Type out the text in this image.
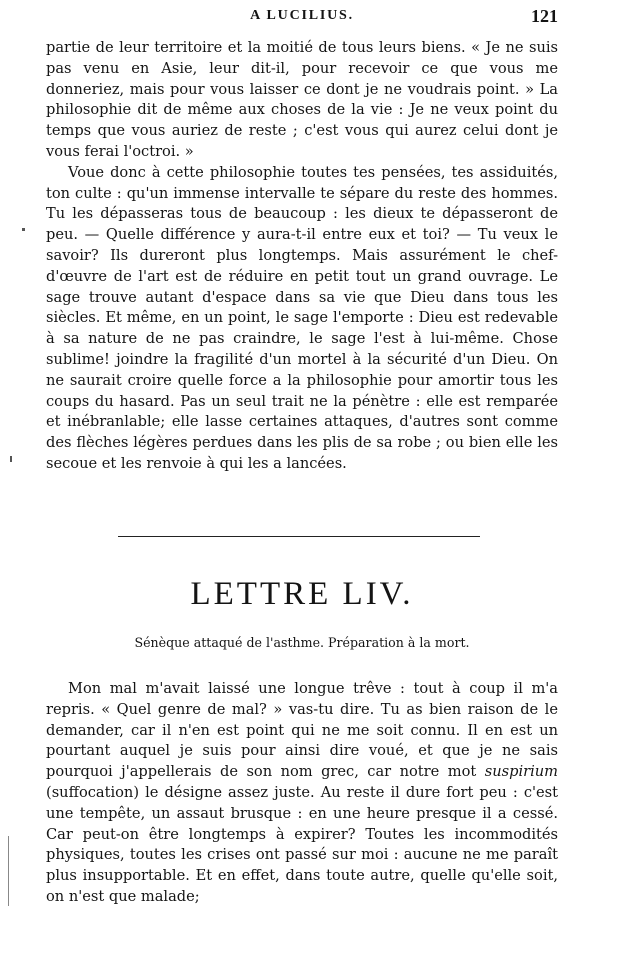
A LUCILIUS.	121

partie de leur territoire et la moitié de tous leurs biens. « Je ne suis pas venu en Asie, leur dit-il, pour recevoir ce que vous me donneriez, mais pour vous laisser ce dont je ne voudrais point. » La philosophie dit de même aux choses de la vie : Je ne veux point du temps que vous auriez de reste ; c'est vous qui aurez celui dont je vous ferai l'octroi. »

Voue donc à cette philosophie toutes tes pensées, tes assiduités, ton culte : qu'un immense intervalle te sépare du reste des hommes. Tu les dépasseras tous de beaucoup : les dieux te dépasseront de peu. — Quelle différence y aura-t-il entre eux et toi? — Tu veux le savoir? Ils dureront plus longtemps. Mais assurément le chef-d'œuvre de l'art est de réduire en petit tout un grand ouvrage. Le sage trouve autant d'espace dans sa vie que Dieu dans tous les siècles. Et même, en un point, le sage l'emporte : Dieu est redevable à sa nature de ne pas craindre, le sage l'est à lui-même. Chose sublime! joindre la fragilité d'un mortel à la sécurité d'un Dieu. On ne saurait croire quelle force a la philosophie pour amortir tous les coups du hasard. Pas un seul trait ne la pénètre : elle est remparée et inébranlable; elle lasse certaines attaques, d'autres sont comme des flèches légères perdues dans les plis de sa robe ; ou bien elle les secoue et les renvoie à qui les a lancées.

LETTRE LIV.
Sénèque attaqué de l'asthme. Préparation à la mort.

Mon mal m'avait laissé une longue trêve : tout à coup il m'a repris. « Quel genre de mal? » vas-tu dire. Tu as bien raison de le demander, car il n'en est point qui ne me soit connu. Il en est un pourtant auquel je suis pour ainsi dire voué, et que je ne sais pourquoi j'appellerais de son nom grec, car notre mot suspirium (suffocation) le désigne assez juste. Au reste il dure fort peu : c'est une tempête, un assaut brusque : en une heure presque il a cessé. Car peut-on être longtemps à expirer? Toutes les incommodités physiques, toutes les crises ont passé sur moi : aucune ne me paraît plus insupportable. Et en effet, dans toute autre, quelle qu'elle soit, on n'est que malade;
